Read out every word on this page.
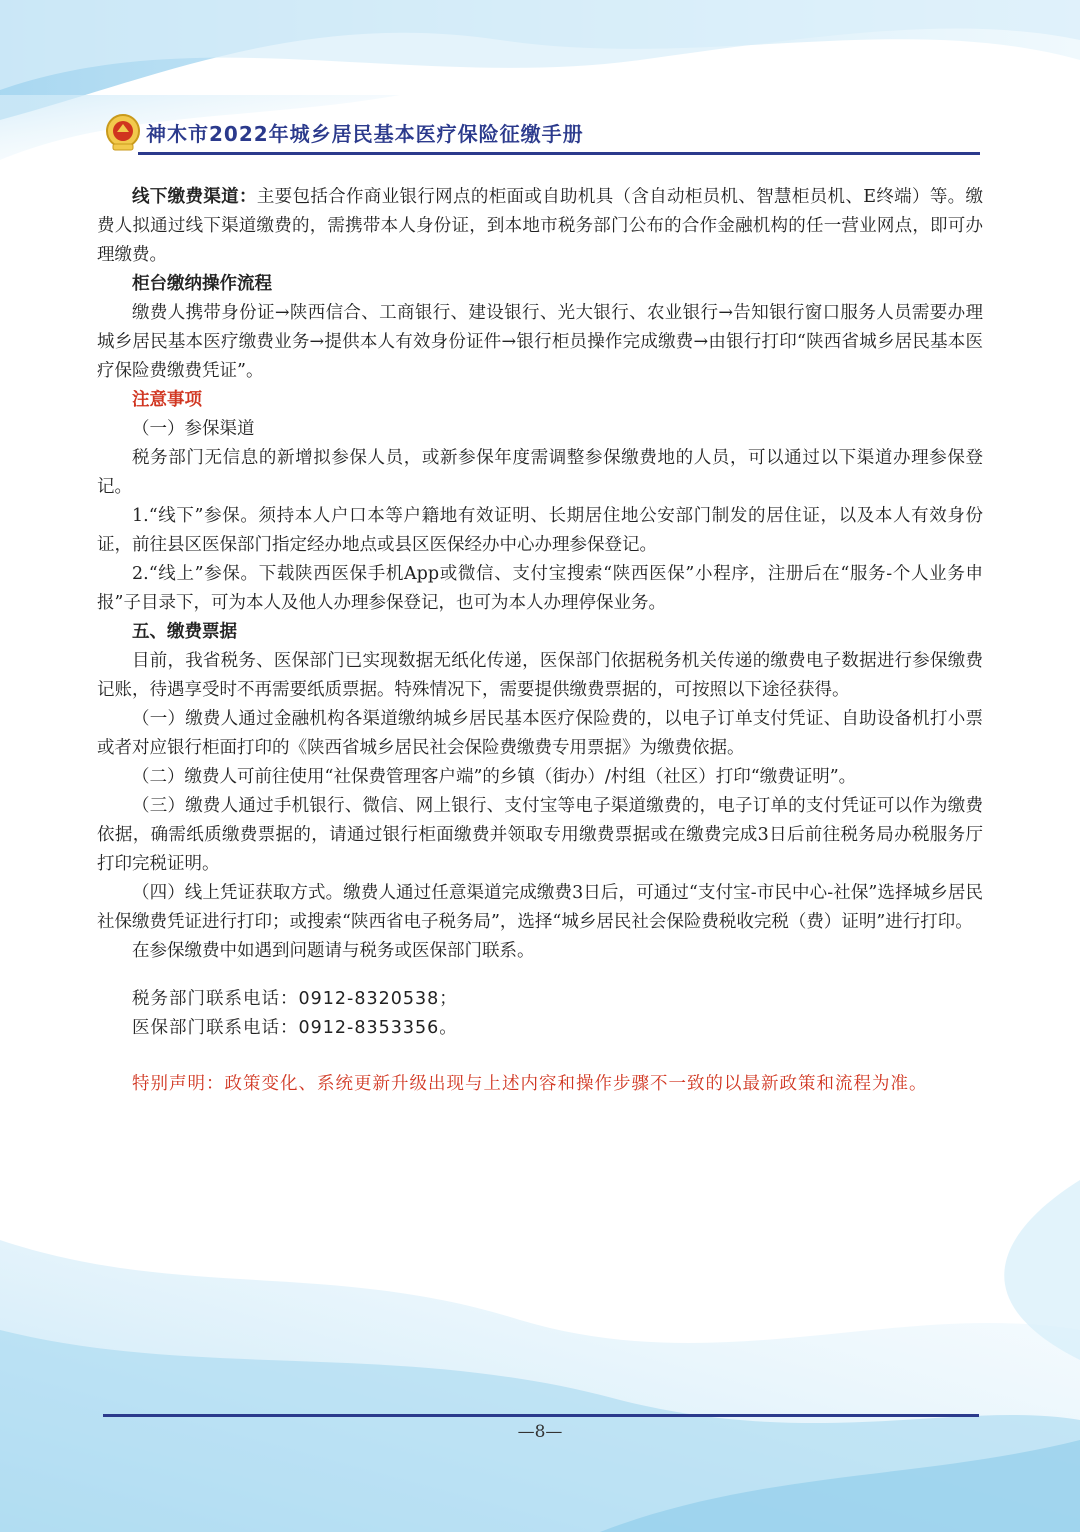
神木市2022年城乡居民基本医疗保险征缴手册

线下缴费渠道：主要包括合作商业银行网点的柜面或自助机具（含自动柜员机、智慧柜员机、E终端）等。缴费人拟通过线下渠道缴费的，需携带本人身份证，到本地市税务部门公布的合作金融机构的任一营业网点，即可办理缴费。

柜台缴纳操作流程

缴费人携带身份证→陕西信合、工商银行、建设银行、光大银行、农业银行→告知银行窗口服务人员需要办理城乡居民基本医疗缴费业务→提供本人有效身份证件→银行柜员操作完成缴费→由银行打印“陕西省城乡居民基本医疗保险费缴费凭证”。

注意事项

（一）参保渠道

税务部门无信息的新增拟参保人员，或新参保年度需调整参保缴费地的人员，可以通过以下渠道办理参保登记。

1.“线下”参保。须持本人户口本等户籍地有效证明、长期居住地公安部门制发的居住证，以及本人有效身份证，前往县区医保部门指定经办地点或县区医保经办中心办理参保登记。

2.“线上”参保。下载陕西医保手机App或微信、支付宝搜索“陕西医保”小程序，注册后在“服务-个人业务申报”子目录下，可为本人及他人办理参保登记，也可为本人办理停保业务。

五、缴费票据

目前，我省税务、医保部门已实现数据无纸化传递，医保部门依据税务机关传递的缴费电子数据进行参保缴费记账，待遇享受时不再需要纸质票据。特殊情况下，需要提供缴费票据的，可按照以下途径获得。

（一）缴费人通过金融机构各渠道缴纳城乡居民基本医疗保险费的，以电子订单支付凭证、自助设备机打小票或者对应银行柜面打印的《陕西省城乡居民社会保险费缴费专用票据》为缴费依据。

（二）缴费人可前往使用“社保费管理客户端”的乡镇（街办）/村组（社区）打印“缴费证明”。

（三）缴费人通过手机银行、微信、网上银行、支付宝等电子渠道缴费的，电子订单的支付凭证可以作为缴费依据，确需纸质缴费票据的，请通过银行柜面缴费并领取专用缴费票据或在缴费完成3日后前往税务局办税服务厅打印完税证明。

（四）线上凭证获取方式。缴费人通过任意渠道完成缴费3日后，可通过“支付宝-市民中心-社保”选择城乡居民社保缴费凭证进行打印；或搜索“陕西省电子税务局”，选择“城乡居民社会保险费税收完税（费）证明”进行打印。

在参保缴费中如遇到问题请与税务或医保部门联系。

税务部门联系电话：0912-8320538；

医保部门联系电话：0912-8353356。

特别声明：政策变化、系统更新升级出现与上述内容和操作步骤不一致的以最新政策和流程为准。

—8—
